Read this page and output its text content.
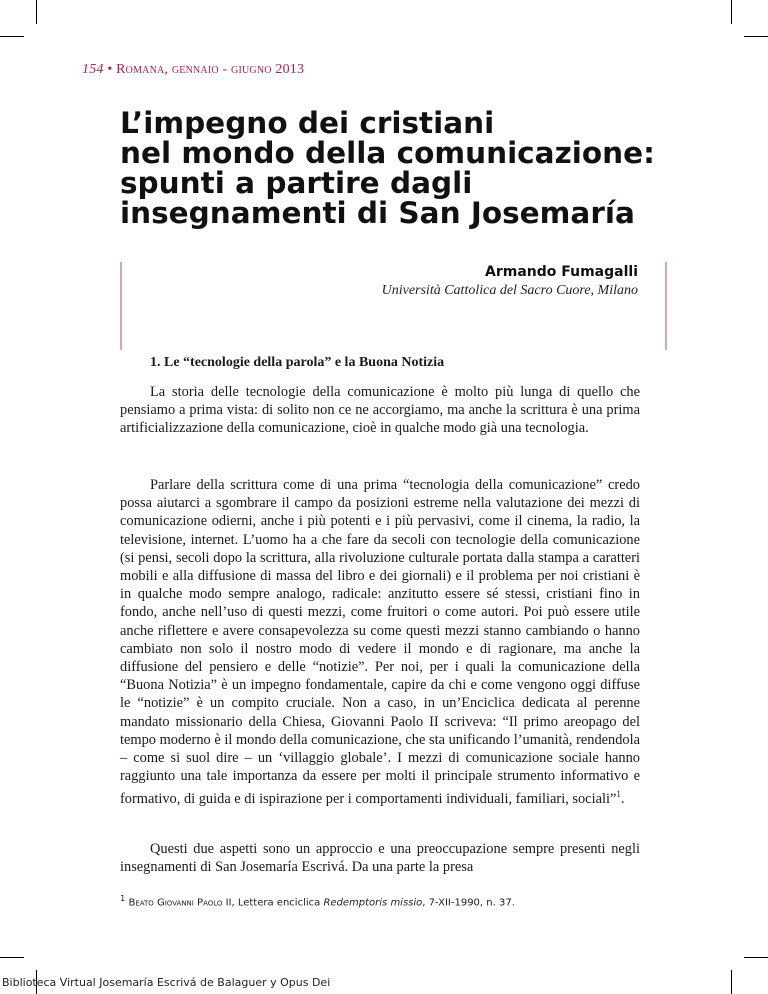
154 • Romana, gennaio - giugno 2013
L’impegno dei cristiani
nel mondo della comunicazione:
spunti a partire dagli
insegnamenti di San Josemaría
Armando Fumagalli
Università Cattolica del Sacro Cuore, Milano
1. Le “tecnologie della parola” e la Buona Notizia

La storia delle tecnologie della comunicazione è molto più lunga di quello che pensiamo a prima vista: di solito non ce ne accorgiamo, ma anche la scrittura è una prima artificializzazione della comunicazione, cioè in qualche modo già una tecnologia.

Parlare della scrittura come di una prima “tecnologia della comunicazione” credo possa aiutarci a sgombrare il campo da posizioni estreme nella valutazione dei mezzi di comunicazione odierni, anche i più potenti e i più pervasivi, come il cinema, la radio, la televisione, internet. L’uomo ha a che fare da secoli con tecnologie della comunicazione (si pensi, secoli dopo la scrittura, alla rivoluzione culturale portata dalla stampa a caratteri mobili e alla diffusione di massa del libro e dei giornali) e il problema per noi cristiani è in qualche modo sempre analogo, radicale: anzitutto essere sé stessi, cristiani fino in fondo, anche nell’uso di questi mezzi, come fruitori o come autori. Poi può essere utile anche riflettere e avere consapevolezza su come questi mezzi stanno cambiando o hanno cambiato non solo il nostro modo di vedere il mondo e di ragionare, ma anche la diffusione del pensiero e delle “notizie”. Per noi, per i quali la comunicazione della “Buona Notizia” è un impegno fondamentale, capire da chi e come vengono oggi diffuse le “notizie” è un compito cruciale. Non a caso, in un’Enciclica dedicata al perenne mandato missionario della Chiesa, Giovanni Paolo II scriveva: “Il primo areopago del tempo moderno è il mondo della comunicazione, che sta unificando l’umanità, rendendola – come si suol dire – un ‘villaggio globale’. I mezzi di comunicazione sociale hanno raggiunto una tale importanza da essere per molti il principale strumento informativo e formativo, di guida e di ispirazione per i comportamenti individuali, familiari, sociali”$^1$.

Questi due aspetti sono un approccio e una preoccupazione sempre presenti negli insegnamenti di San Josemaría Escrivá. Da una parte la presa

$^1$ Beato Giovanni Paolo II, Lettera enciclica Redemptoris missio, 7-XII-1990, n. 37.
Biblioteca Virtual Josemaría Escrivá de Balaguer y Opus Dei
